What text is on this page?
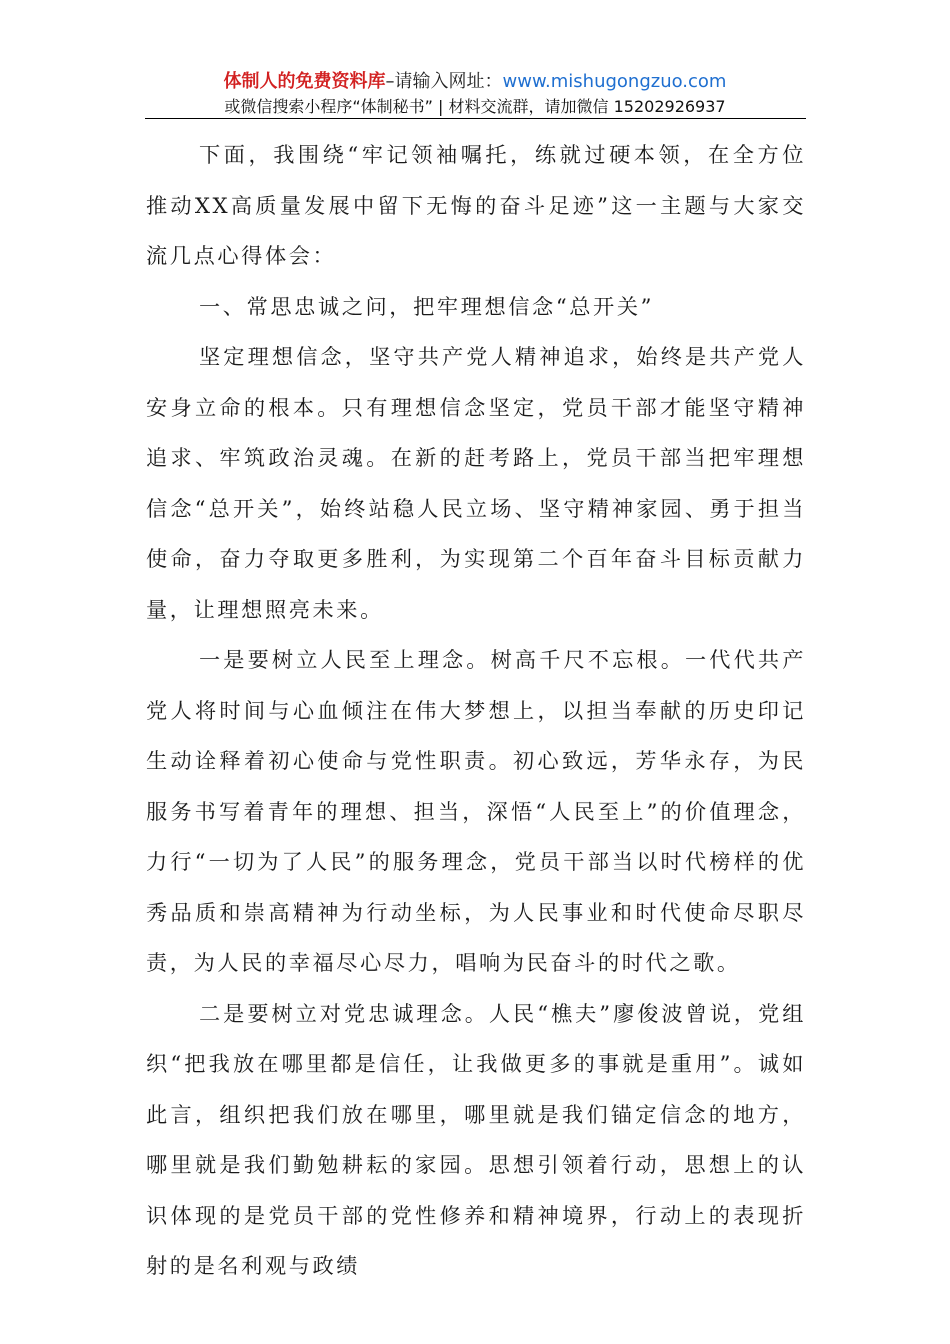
体制人的免费资料库–请输入网址：www.mishugongzuo.com
或微信搜索小程序“体制秘书” | 材料交流群，请加微信 15202926937

下面，我围绕“牢记领袖嘱托，练就过硬本领，在全方位推动XX高质量发展中留下无悔的奋斗足迹”这一主题与大家交流几点心得体会：

一、常思忠诚之问，把牢理想信念“总开关”

坚定理想信念，坚守共产党人精神追求，始终是共产党人安身立命的根本。只有理想信念坚定，党员干部才能坚守精神追求、牢筑政治灵魂。在新的赶考路上，党员干部当把牢理想信念“总开关”，始终站稳人民立场、坚守精神家园、勇于担当使命，奋力夺取更多胜利，为实现第二个百年奋斗目标贡献力量，让理想照亮未来。

一是要树立人民至上理念。树高千尺不忘根。一代代共产党人将时间与心血倾注在伟大梦想上，以担当奉献的历史印记生动诠释着初心使命与党性职责。初心致远，芳华永存，为民服务书写着青年的理想、担当，深悟“人民至上”的价值理念，力行“一切为了人民”的服务理念，党员干部当以时代榜样的优秀品质和崇高精神为行动坐标，为人民事业和时代使命尽职尽责，为人民的幸福尽心尽力，唱响为民奋斗的时代之歌。

二是要树立对党忠诚理念。人民“樵夫”廖俊波曾说，党组织“把我放在哪里都是信任，让我做更多的事就是重用”。诚如此言，组织把我们放在哪里，哪里就是我们锚定信念的地方，哪里就是我们勤勉耕耘的家园。思想引领着行动，思想上的认识体现的是党员干部的党性修养和精神境界，行动上的表现折射的是名利观与政绩
